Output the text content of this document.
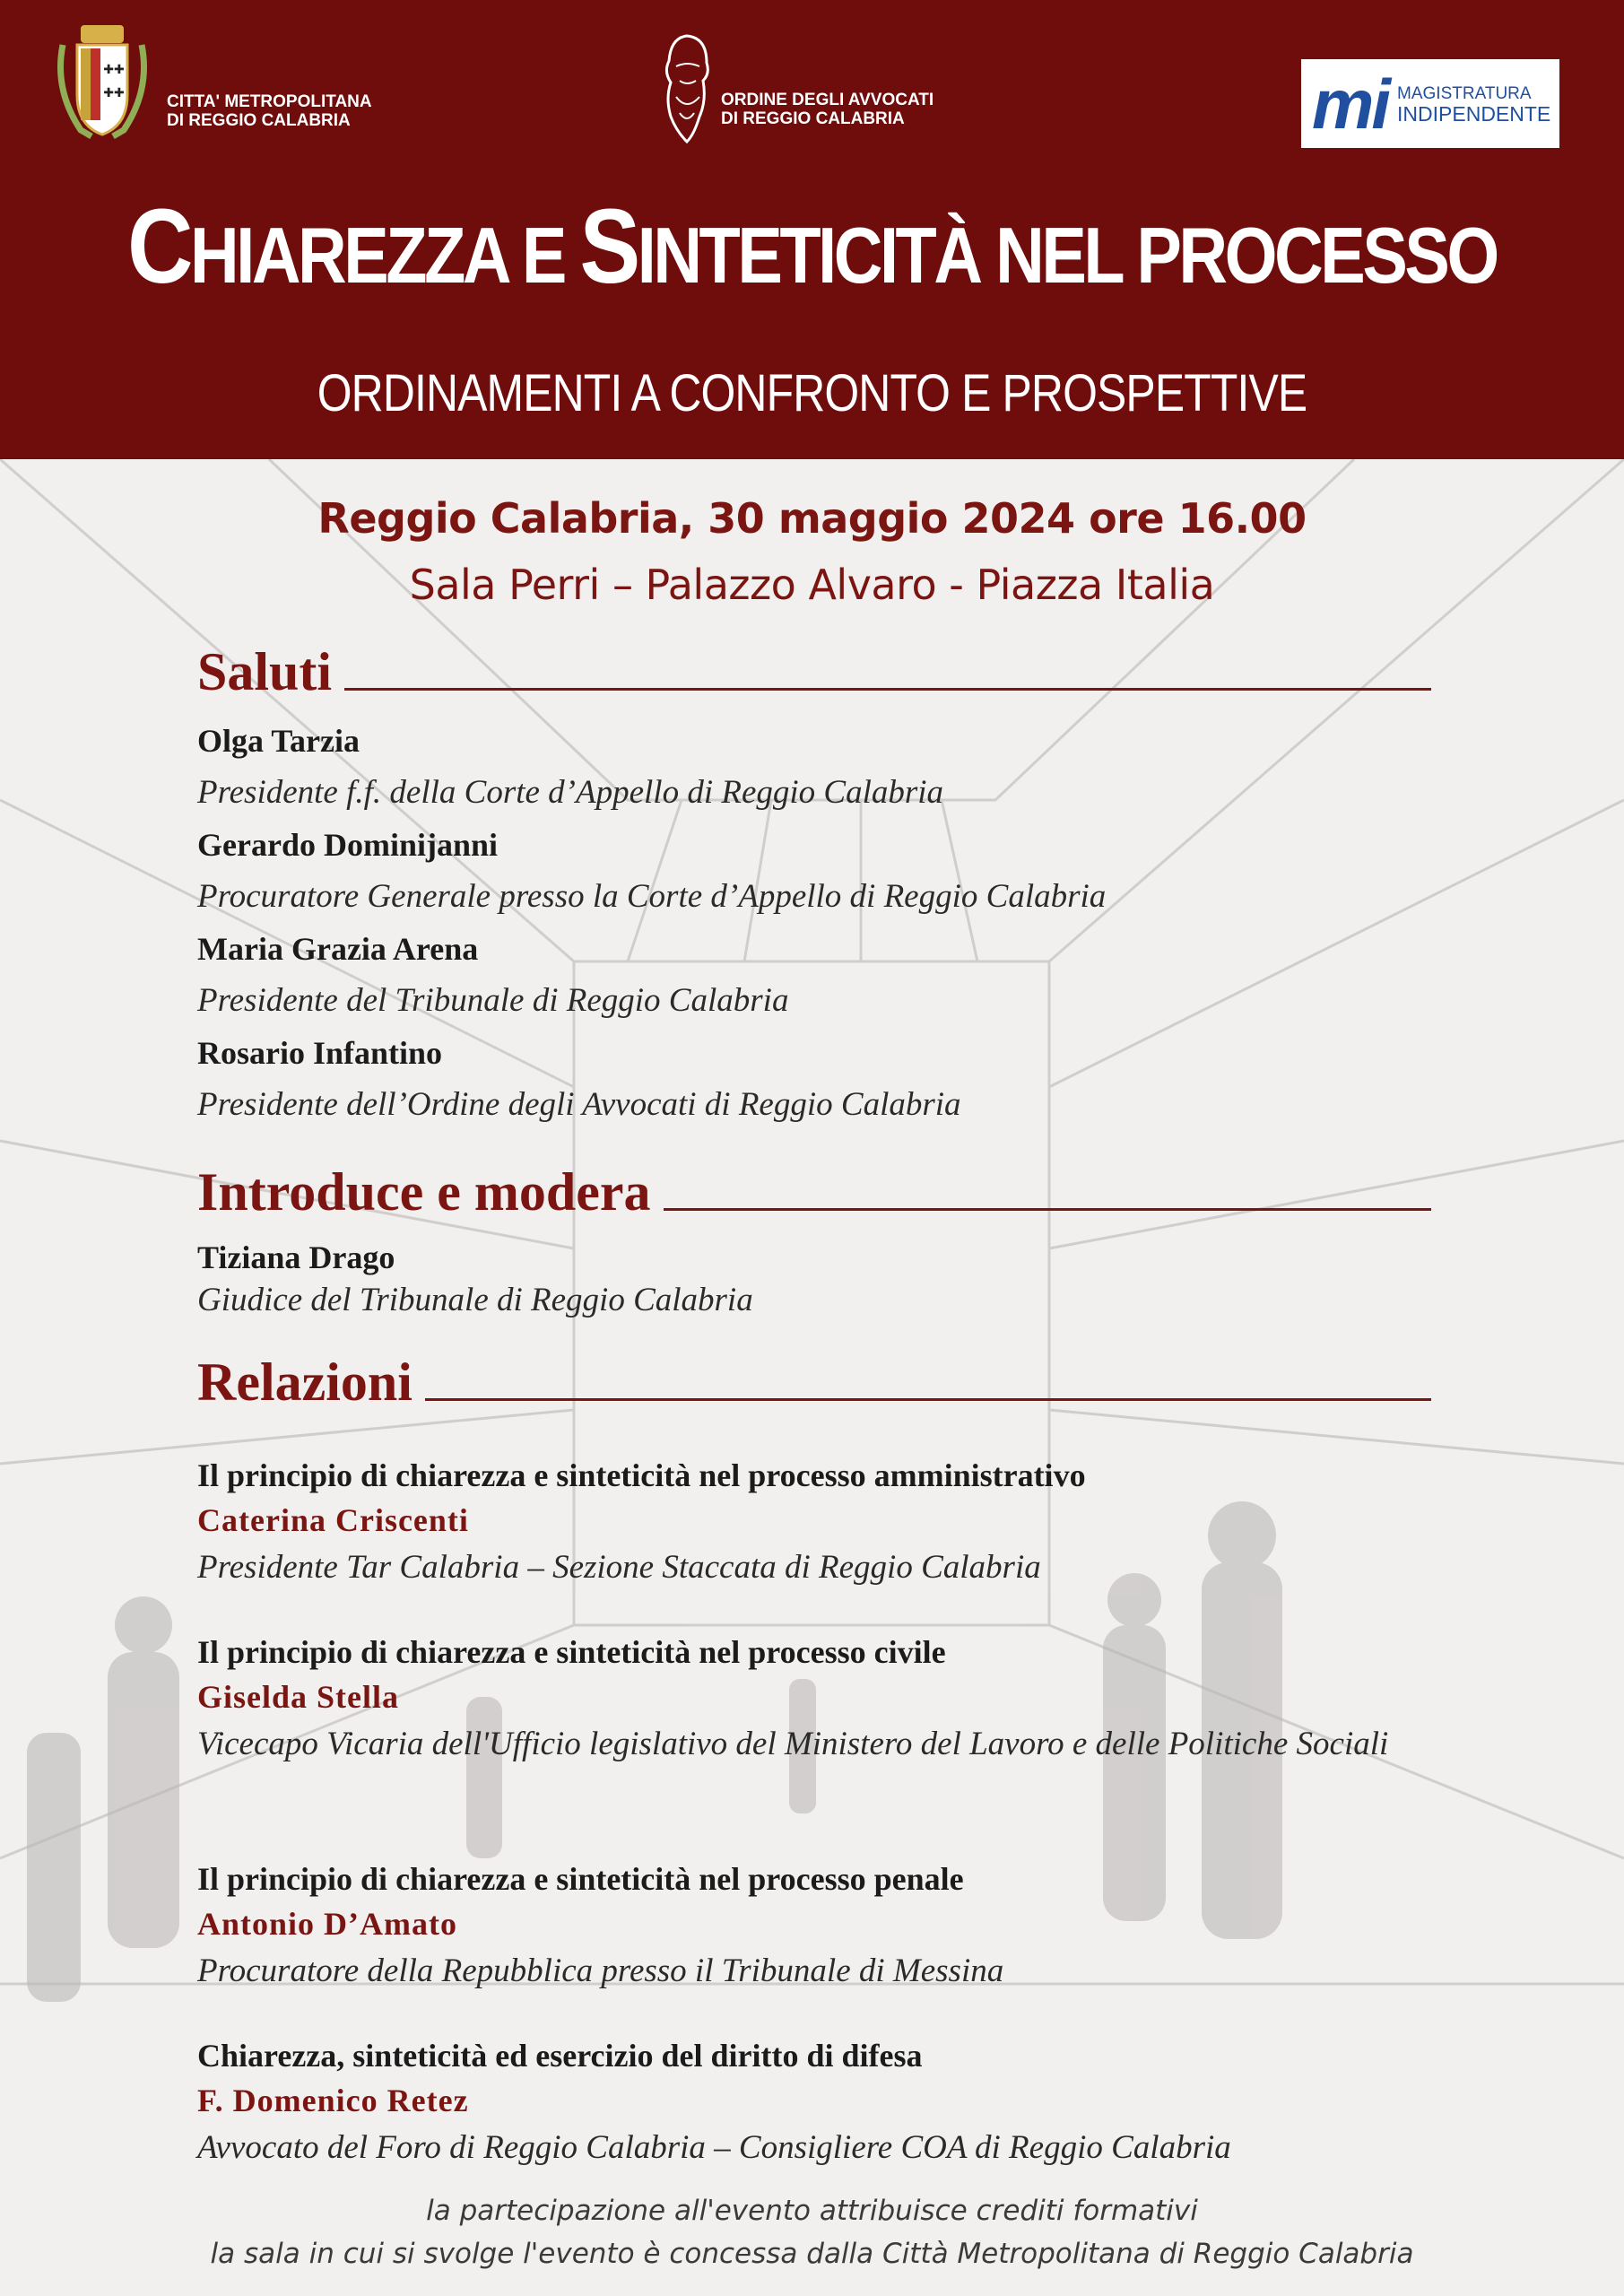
✚✚
✚✚ CITTA' METROPOLITANA
DI REGGIO CALABRIA
ORDINE DEGLI AVVOCATI
DI REGGIO CALABRIA	mi MAGISTRATURA
INDIPENDENTE
CHIAREZZA E SINTETICITÀ NEL PROCESSO
ORDINAMENTI A CONFRONTO E PROSPETTIVE
Reggio Calabria, 30 maggio 2024 ore 16.00
Sala Perri – Palazzo Alvaro - Piazza Italia
Saluti
Olga Tarzia
Presidente f.f. della Corte d’Appello di Reggio Calabria
Gerardo Dominijanni
Procuratore Generale presso la Corte d’Appello di Reggio Calabria
Maria Grazia Arena
Presidente del Tribunale di Reggio Calabria
Rosario Infantino
Presidente dell’Ordine degli Avvocati di Reggio Calabria
Introduce e modera
Tiziana Drago
Giudice del Tribunale di Reggio Calabria
Relazioni
Il principio di chiarezza e sinteticità nel processo amministrativo
Caterina Criscenti
Presidente Tar Calabria – Sezione Staccata di Reggio Calabria
Il principio di chiarezza e sinteticità nel processo civile
Giselda Stella
Vicecapo Vicaria dell'Ufficio legislativo del Ministero del Lavoro e delle Politiche Sociali
Il principio di chiarezza e sinteticità nel processo penale
Antonio D’Amato
Procuratore della Repubblica presso il Tribunale di Messina
Chiarezza, sinteticità ed esercizio del diritto di difesa
F. Domenico Retez
Avvocato del Foro di Reggio Calabria – Consigliere COA di Reggio Calabria
la partecipazione all'evento attribuisce crediti formativi
la sala in cui si svolge l'evento è concessa dalla Città Metropolitana di Reggio Calabria
